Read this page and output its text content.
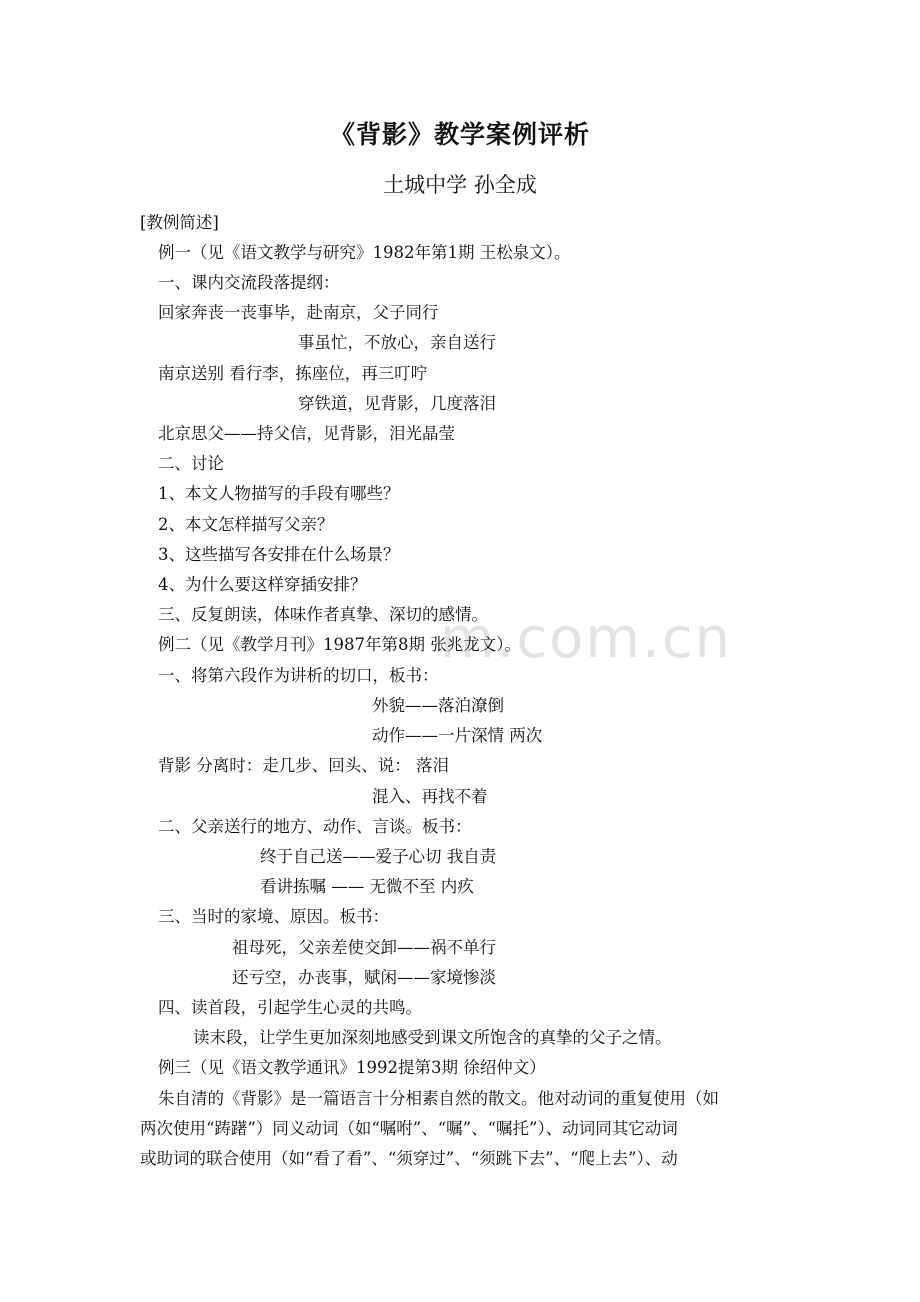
m.com.cn
《背影》教学案例评析
土城中学 孙全成
[教例简述]
例一（见《语文教学与研究》1982年第1期 王松泉文）。
一、课内交流段落提纲：
回家奔丧一丧事毕，赴南京，父子同行
事虽忙，不放心，亲自送行
南京送别 看行李，拣座位，再三叮咛
穿铁道，见背影，几度落泪
北京思父——持父信，见背影，泪光晶莹
二、讨论
1、本文人物描写的手段有哪些？
2、本文怎样描写父亲？
3、这些描写各安排在什么场景？
4、为什么要这样穿插安排？
三、反复朗读，体味作者真挚、深切的感情。
例二（见《教学月刊》1987年第8期 张兆龙文）。
一、将第六段作为讲析的切口，板书：
外貌——落泊潦倒
动作——一片深情 两次
背影 分离时：走几步、回头、说： 落泪
混入、再找不着
二、父亲送行的地方、动作、言谈。板书：
终于自己送——爱子心切 我自责
看讲拣嘱 —— 无微不至 内疚
三、当时的家境、原因。板书：
祖母死，父亲差使交卸——祸不单行
还亏空，办丧事，赋闲——家境惨淡
四、读首段，引起学生心灵的共鸣。
读末段，让学生更加深刻地感受到课文所饱含的真挚的父子之情。
例三（见《语文教学通讯》1992提第3期 徐绍仲文）
朱自清的《背影》是一篇语言十分相素自然的散文。他对动词的重复使用（如
两次使用“踌躇”）同义动词（如“嘱咐”、“嘱”、“嘱托”）、动词同其它动词
或助词的联合使用（如“看了看”、“须穿过”、“须跳下去”、“爬上去”）、动
